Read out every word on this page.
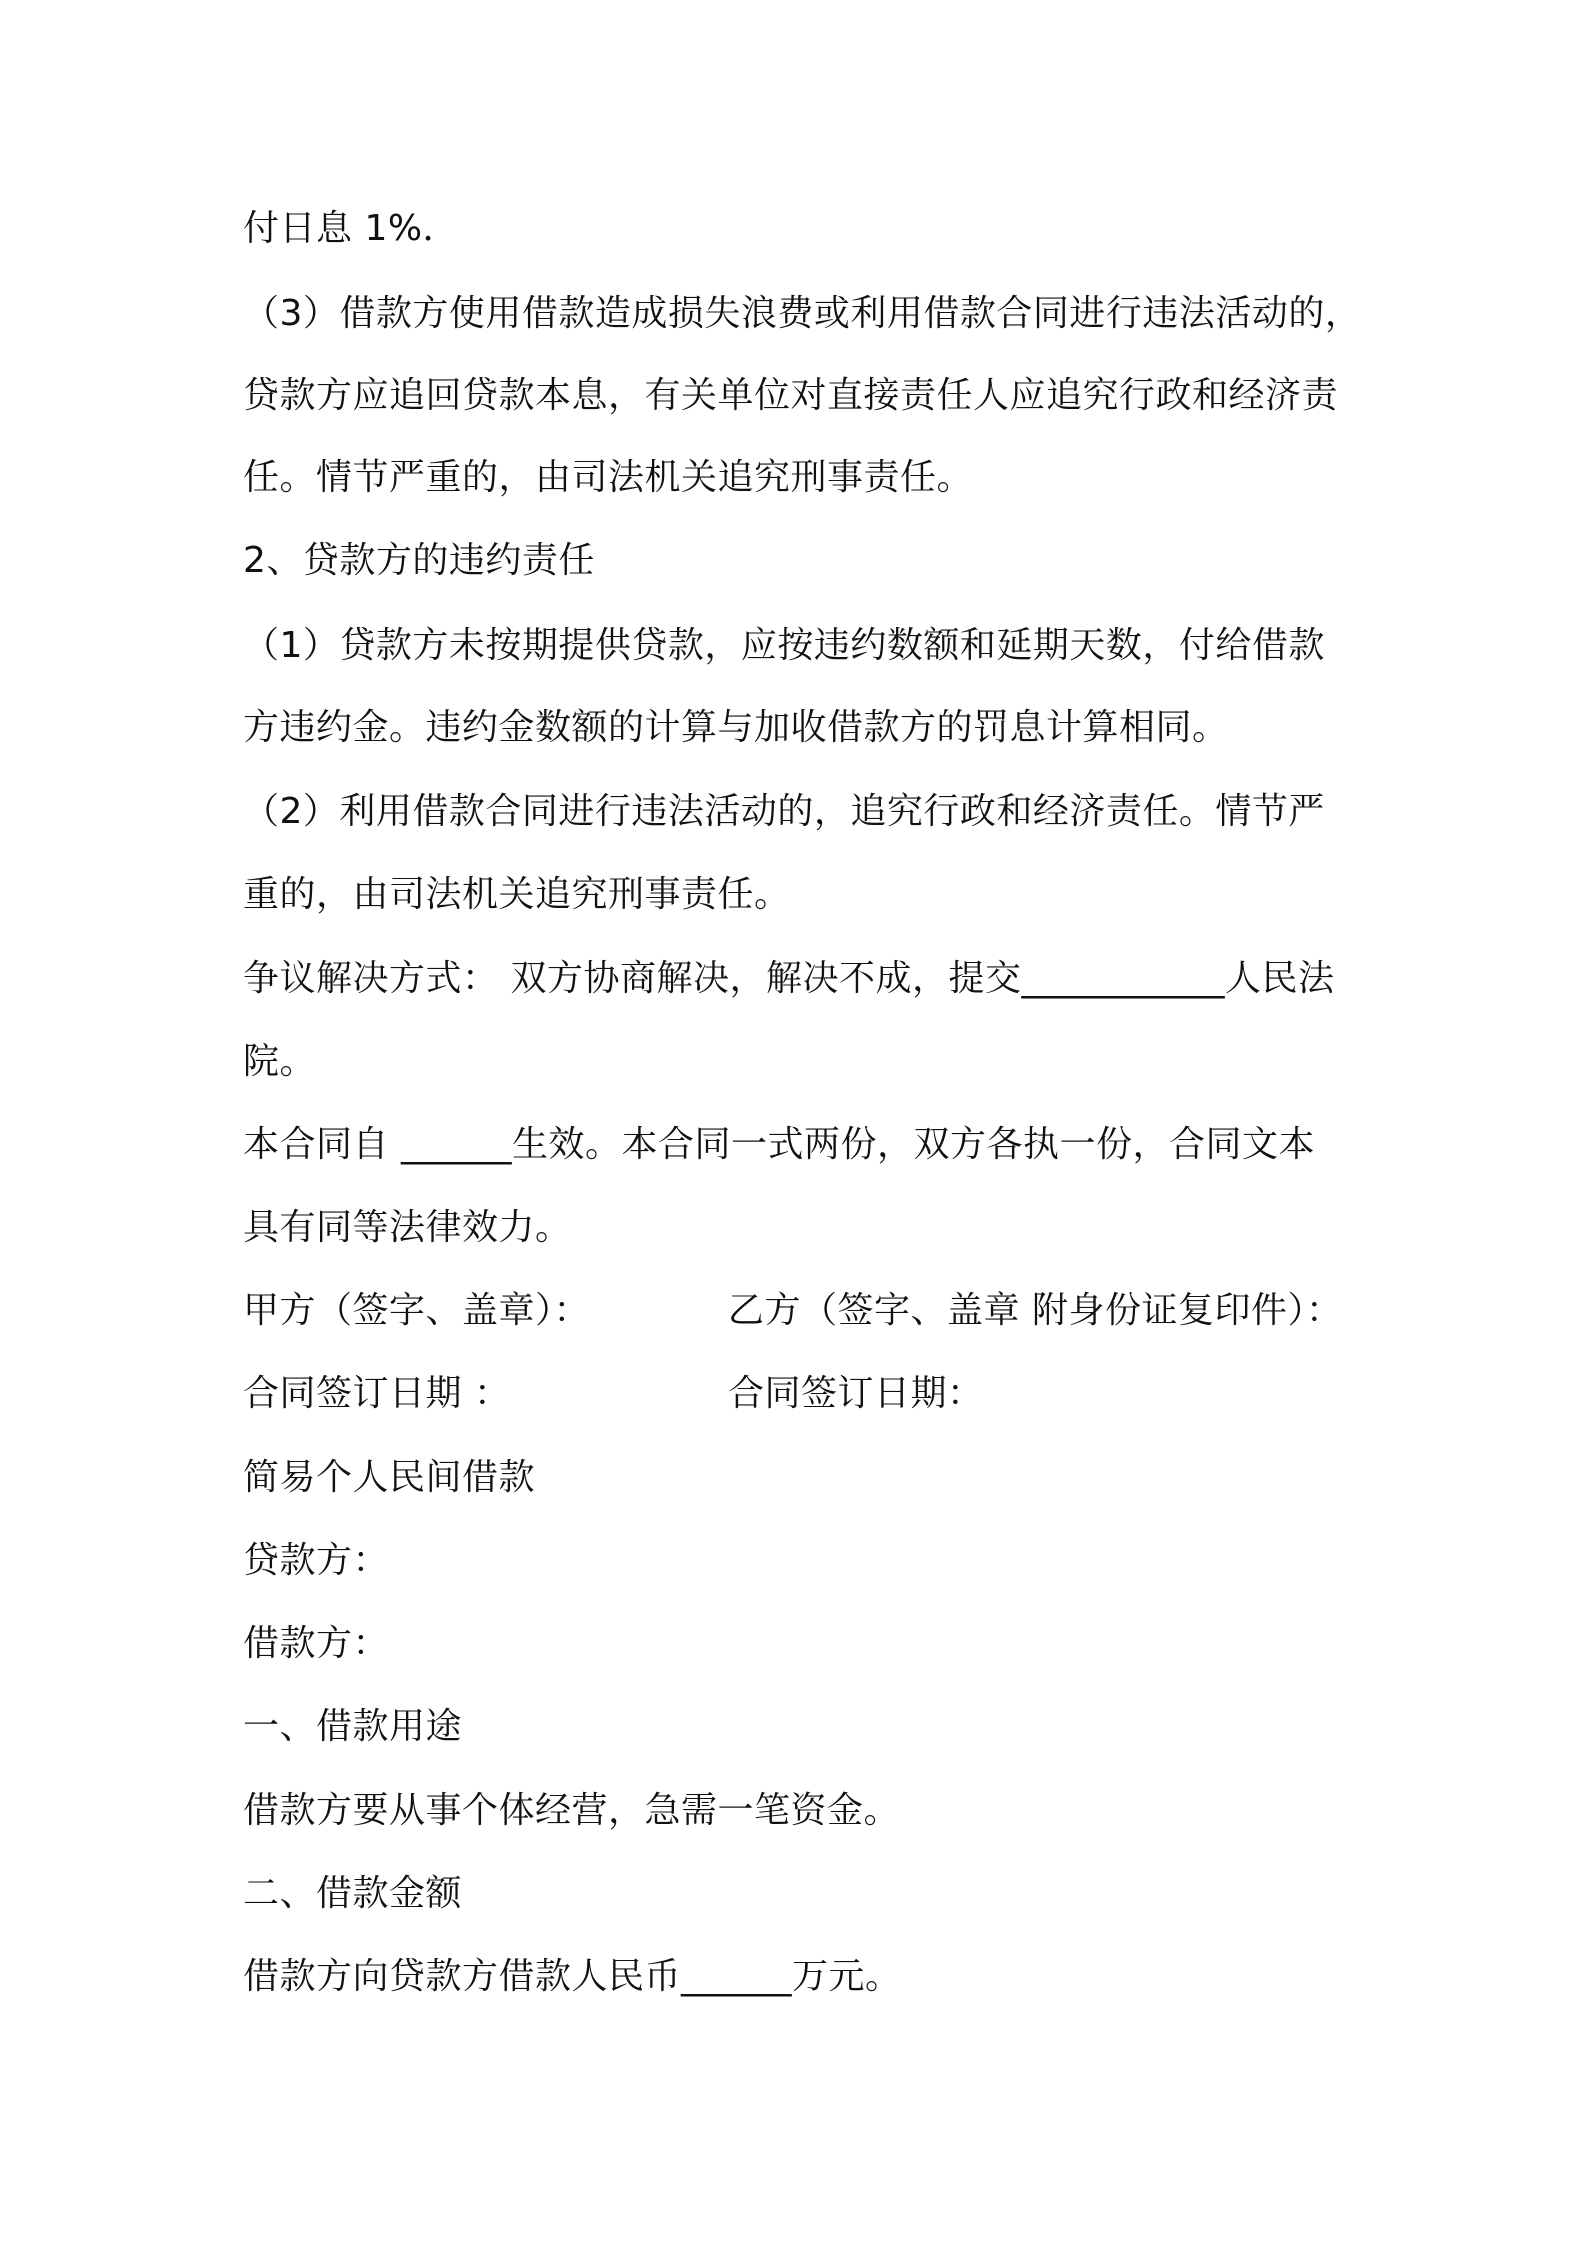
付日息 1%．
（3）借款方使用借款造成损失浪费或利用借款合同进行违法活动的，
贷款方应追回贷款本息，有关单位对直接责任人应追究行政和经济责
任。情节严重的，由司法机关追究刑事责任。
2、贷款方的违约责任
（1）贷款方未按期提供贷款，应按违约数额和延期天数，付给借款
方违约金。违约金数额的计算与加收借款方的罚息计算相同。
（2）利用借款合同进行违法活动的，追究行政和经济责任。情节严
重的，由司法机关追究刑事责任。
争议解决方式： 双方协商解决，解决不成，提交___________人民法
院。
本合同自 ______生效。本合同一式两份，双方各执一份，合同文本
具有同等法律效力。
甲方（签字、盖章）：	乙方（签字、盖章 附身份证复印件）：
合同签订日期 ：	合同签订日期：
简易个人民间借款
贷款方：
借款方：
一、借款用途
借款方要从事个体经营，急需一笔资金。
二、借款金额
借款方向贷款方借款人民币______万元。
